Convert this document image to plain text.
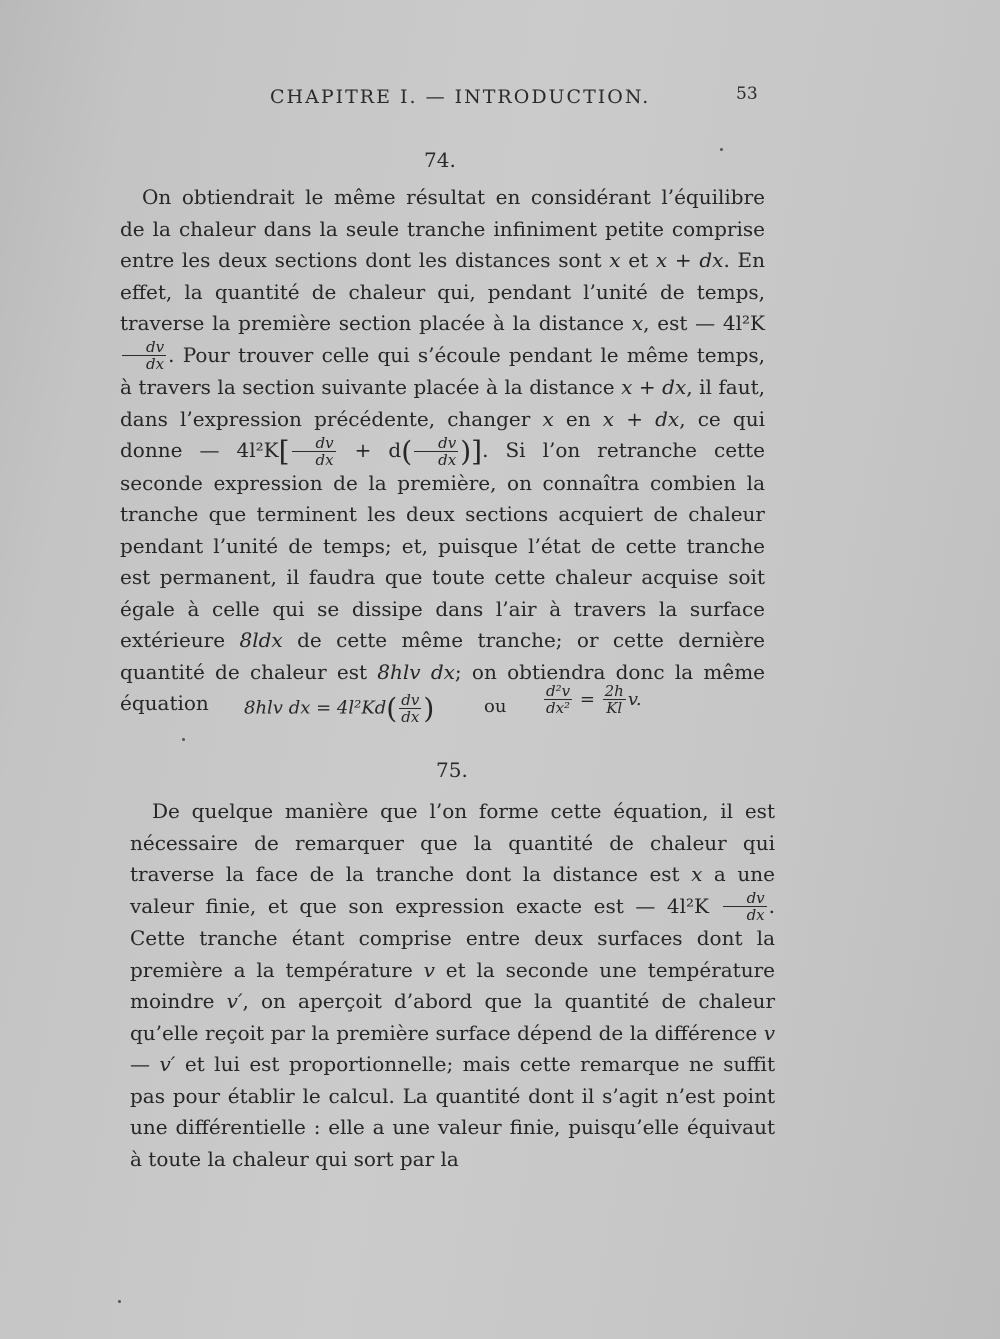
CHAPITRE I. — INTRODUCTION.	53
74.

On obtiendrait le même résultat en considérant l’équilibre de la chaleur dans la seule tranche infiniment petite comprise entre les deux sections dont les distances sont x et x + dx. En effet, la quantité de chaleur qui, pendant l’unité de temps, traverse la première section placée à la distance x, est — 4l²K
$\frac{dv}{dx}$ . Pour trouver celle qui s’écoule pendant le même temps, à travers la section suivante placée à la distance x + dx, il faut, dans l’expression précédente, changer x en x + dx, ce qui donne — $4l^2K[ \frac{dv}{dx} + d( \frac{dv}{dx}$ )]. Si l’on retranche cette seconde expression de la première, on connaîtra combien la tranche que terminent les deux sections acquiert de chaleur pendant l’unité de temps; et, puisque l’état de cette tranche est permanent, il faudra que toute cette chaleur acquise soit égale à celle qui se dissipe dans l’air à travers la surface extérieure 8ldx de cette même tranche; or cette dernière quantité de chaleur est 8hlv dx; on obtiendra donc la même équation	8hlv dx = $4l^2Kd( \frac{dv}{dx}$ )	ou	$\frac{\text{d²v}}{\text{dx²}} = \frac{2h}{Kl} v$.
75.

De quelque manière que l’on forme cette équation, il est nécessaire de remarquer que la quantité de chaleur qui traverse la face de la tranche dont la distance est x a une valeur finie, et que son expression exacte est — $4l^2K \frac{dv}{dx}$ . Cette tranche étant comprise entre deux surfaces dont la première a la température v et la seconde une température moindre v′, on aperçoit d’abord que la quantité de chaleur qu’elle reçoit par la première surface dépend de la différence v — v′ et lui est proportionnelle; mais cette remarque ne suffit pas pour établir le calcul. La quantité dont il s’agit n’est point une différentielle : elle a une valeur finie, puisqu’elle équivaut à toute la chaleur qui sort par la
